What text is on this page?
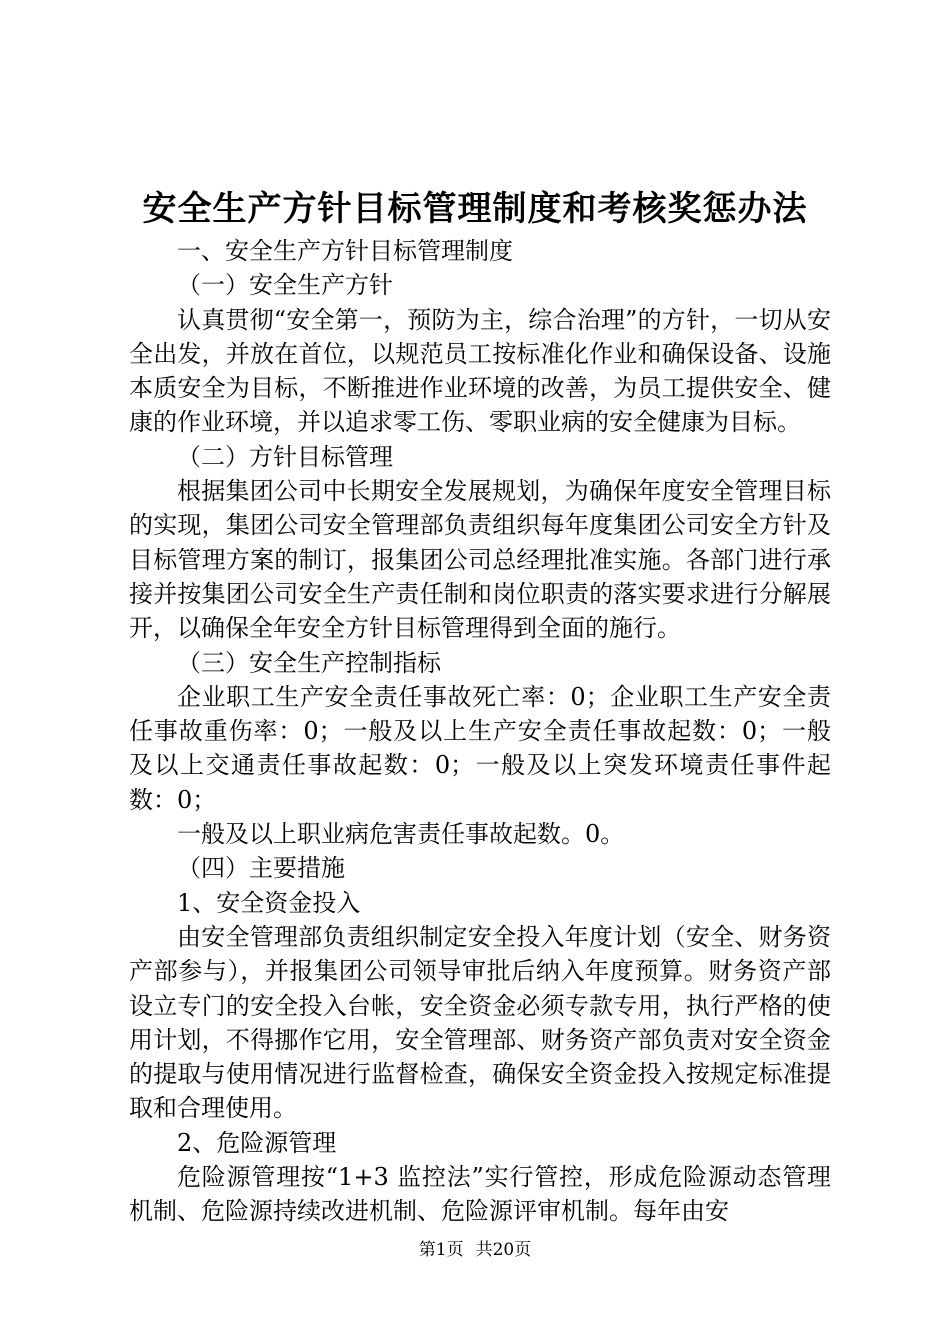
安全生产方针目标管理制度和考核奖惩办法

一、安全生产方针目标管理制度

（一）安全生产方针

认真贯彻“安全第一，预防为主，综合治理”的方针，一切从安全出发，并放在首位，以规范员工按标准化作业和确保设备、设施本质安全为目标，不断推进作业环境的改善，为员工提供安全、健康的作业环境，并以追求零工伤、零职业病的安全健康为目标。

（二）方针目标管理

根据集团公司中长期安全发展规划，为确保年度安全管理目标的实现，集团公司安全管理部负责组织每年度集团公司安全方针及目标管理方案的制订，报集团公司总经理批准实施。各部门进行承接并按集团公司安全生产责任制和岗位职责的落实要求进行分解展开，以确保全年安全方针目标管理得到全面的施行。

（三）安全生产控制指标

企业职工生产安全责任事故死亡率：0；企业职工生产安全责任事故重伤率：0；一般及以上生产安全责任事故起数：0；一般及以上交通责任事故起数：0；一般及以上突发环境责任事件起数：0；

一般及以上职业病危害责任事故起数。0。

（四）主要措施

1、安全资金投入

由安全管理部负责组织制定安全投入年度计划（安全、财务资产部参与），并报集团公司领导审批后纳入年度预算。财务资产部设立专门的安全投入台帐，安全资金必须专款专用，执行严格的使用计划，不得挪作它用，安全管理部、财务资产部负责对安全资金的提取与使用情况进行监督检查，确保安全资金投入按规定标准提取和合理使用。

2、危险源管理

危险源管理按“1+3 监控法”实行管控，形成危险源动态管理机制、危险源持续改进机制、危险源评审机制。每年由安

第1页 共20页
